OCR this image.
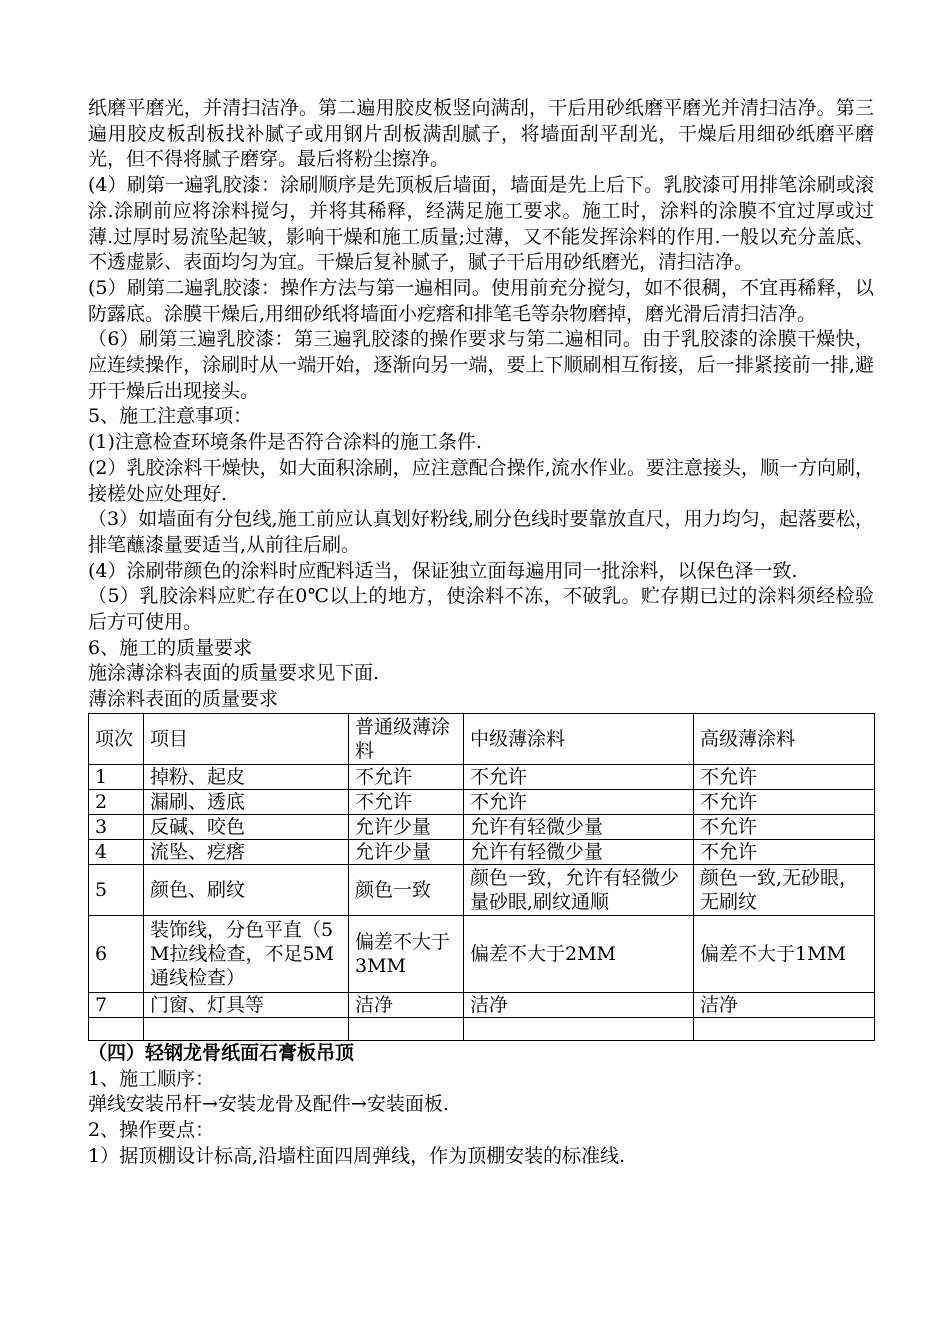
纸磨平磨光，并清扫洁净。第二遍用胶皮板竖向满刮，干后用砂纸磨平磨光并清扫洁净。第三遍用胶皮板刮板找补腻子或用钢片刮板满刮腻子，将墙面刮平刮光，干燥后用细砂纸磨平磨光，但不得将腻子磨穿。最后将粉尘擦净。

(4）刷第一遍乳胶漆：涂刷顺序是先顶板后墙面，墙面是先上后下。乳胶漆可用排笔涂刷或滚涂.涂刷前应将涂料搅匀，并将其稀释，经满足施工要求。施工时，涂料的涂膜不宜过厚或过薄.过厚时易流坠起皱，影响干燥和施工质量;过薄，又不能发挥涂料的作用.一般以充分盖底、不透虚影、表面均匀为宜。干燥后复补腻子，腻子干后用砂纸磨光，清扫洁净。

(5）刷第二遍乳胶漆：操作方法与第一遍相同。使用前充分搅匀，如不很稠，不宜再稀释，以防露底。涂膜干燥后,用细砂纸将墙面小疙瘩和排笔毛等杂物磨掉，磨光滑后清扫洁净。

（6）刷第三遍乳胶漆：第三遍乳胶漆的操作要求与第二遍相同。由于乳胶漆的涂膜干燥快，应连续操作，涂刷时从一端开始，逐渐向另一端，要上下顺刷相互衔接，后一排紧接前一排,避开干燥后出现接头。

5、施工注意事项：

(1)注意检查环境条件是否符合涂料的施工条件.

(2）乳胶涂料干燥快，如大面积涂刷，应注意配合操作,流水作业。要注意接头，顺一方向刷，接槎处应处理好.

（3）如墙面有分包线,施工前应认真划好粉线,刷分色线时要靠放直尺，用力均匀，起落要松，排笔蘸漆量要适当,从前往后刷。

(4）涂刷带颜色的涂料时应配料适当，保证独立面每遍用同一批涂料，以保色泽一致.

（5）乳胶涂料应贮存在0℃以上的地方，使涂料不冻，不破乳。贮存期已过的涂料须经检验后方可使用。

6、施工的质量要求

施涂薄涂料表面的质量要求见下面.

薄涂料表面的质量要求

项次	项目	普通级薄涂料	中级薄涂料	高级薄涂料
1	掉粉、起皮	不允许	不允许	不允许
2	漏刷、透底	不允许	不允许	不允许
3	反碱、咬色	允许少量	允许有轻微少量	不允许
4	流坠、疙瘩	允许少量	允许有轻微少量	不允许
5	颜色、刷纹	颜色一致	颜色一致，允许有轻微少量砂眼,刷纹通顺	颜色一致,无砂眼，无刷纹
6	装饰线，分色平直（5M拉线检查，不足5M通线检查）	偏差不大于3MM	偏差不大于2MM	偏差不大于1MM
7	门窗、灯具等	洁净	洁净	洁净

（四）轻钢龙骨纸面石膏板吊顶

1、施工顺序：

弹线安装吊杆→安装龙骨及配件→安装面板.

2、操作要点：

1）据顶棚设计标高,沿墙柱面四周弹线，作为顶棚安装的标准线.
